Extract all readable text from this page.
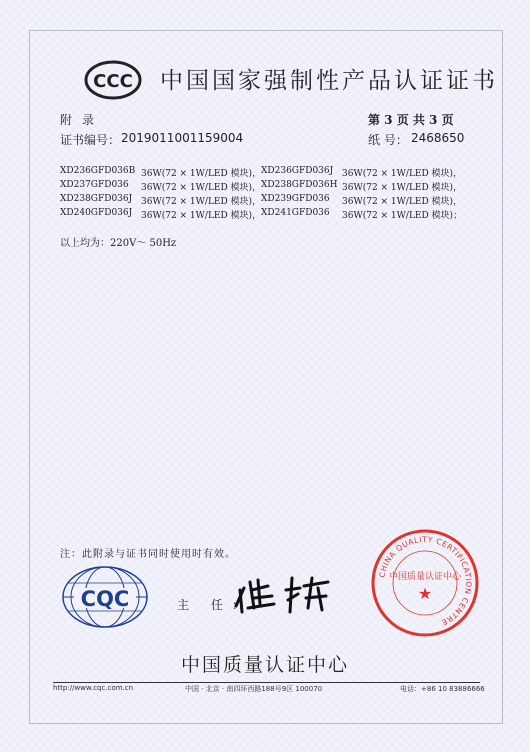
CCC 中国国家强制性产品认证证书
附录	第 3 页 共 3 页
证书编号： 2019011001159004	纸 号： 2468650
XD236GFD036B 36W(72 × 1W/LED 模块)， XD236GFD036J 36W(72 × 1W/LED 模块)，
XD237GFD036 36W(72 × 1W/LED 模块)， XD238GFD036H 36W(72 × 1W/LED 模块)，
XD238GFD036J 36W(72 × 1W/LED 模块)， XD239GFD036 36W(72 × 1W/LED 模块)，
XD240GFD036J 36W(72 × 1W/LED 模块)， XD241GFD036 36W(72 × 1W/LED 模块)；
以上均为：220V～ 50Hz
注：此附录与证书同时使用时有效。
CQC	主 任：
CHINA QUALITY CERTIFICATION CENTRE
中国质量认证中心
★
中国质量认证中心
http://www.cqc.com.cn	中国 · 北京 · 南四环西路188号9区 100070	电话：+86 10 83886666
